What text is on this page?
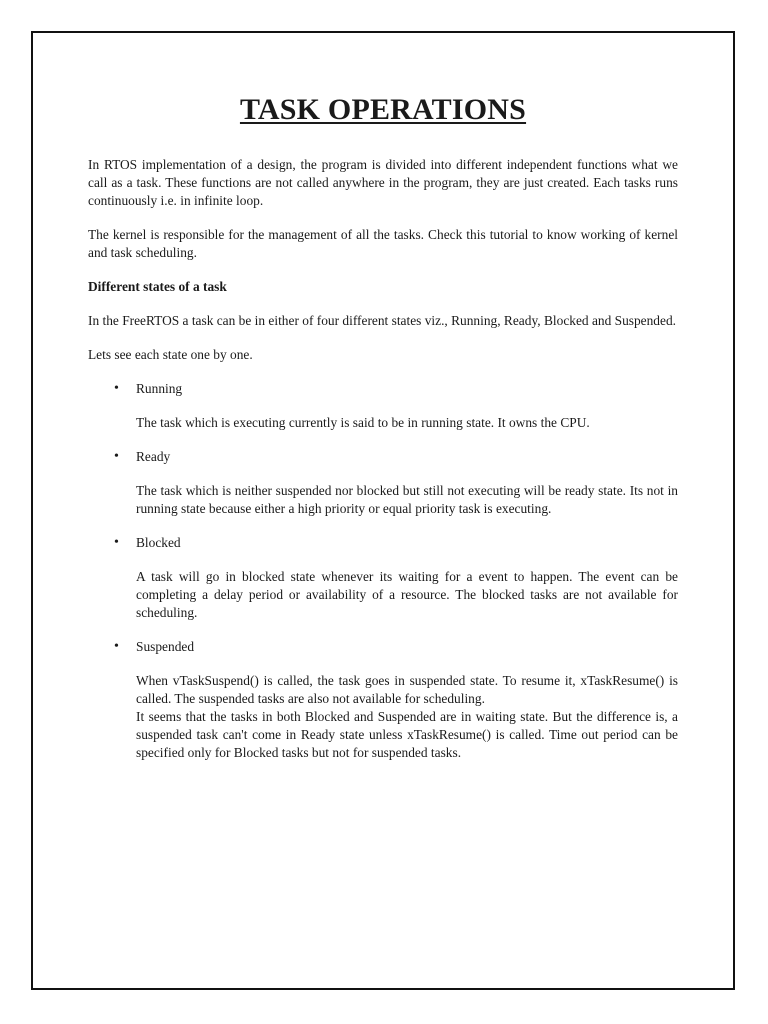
TASK OPERATIONS

In RTOS implementation of a design, the program is divided into different independent functions what we call as a task. These functions are not called anywhere in the program, they are just created. Each tasks runs continuously i.e. in infinite loop.

The kernel is responsible for the management of all the tasks. Check this tutorial to know working of kernel and task scheduling.

Different states of a task

In the FreeRTOS a task can be in either of four different states viz., Running, Ready, Blocked and Suspended.

Lets see each state one by one.

• Running

The task which is executing currently is said to be in running state. It owns the CPU.

• Ready

The task which is neither suspended nor blocked but still not executing will be ready state. Its not in running state because either a high priority or equal priority task is executing.

• Blocked

A task will go in blocked state whenever its waiting for a event to happen. The event can be completing a delay period or availability of a resource. The blocked tasks are not available for scheduling.

• Suspended

When vTaskSuspend() is called, the task goes in suspended state. To resume it, xTaskResume() is called. The suspended tasks are also not available for scheduling.

It seems that the tasks in both Blocked and Suspended are in waiting state. But the difference is, a suspended task can't come in Ready state unless xTaskResume() is called. Time out period can be specified only for Blocked tasks but not for suspended tasks.
